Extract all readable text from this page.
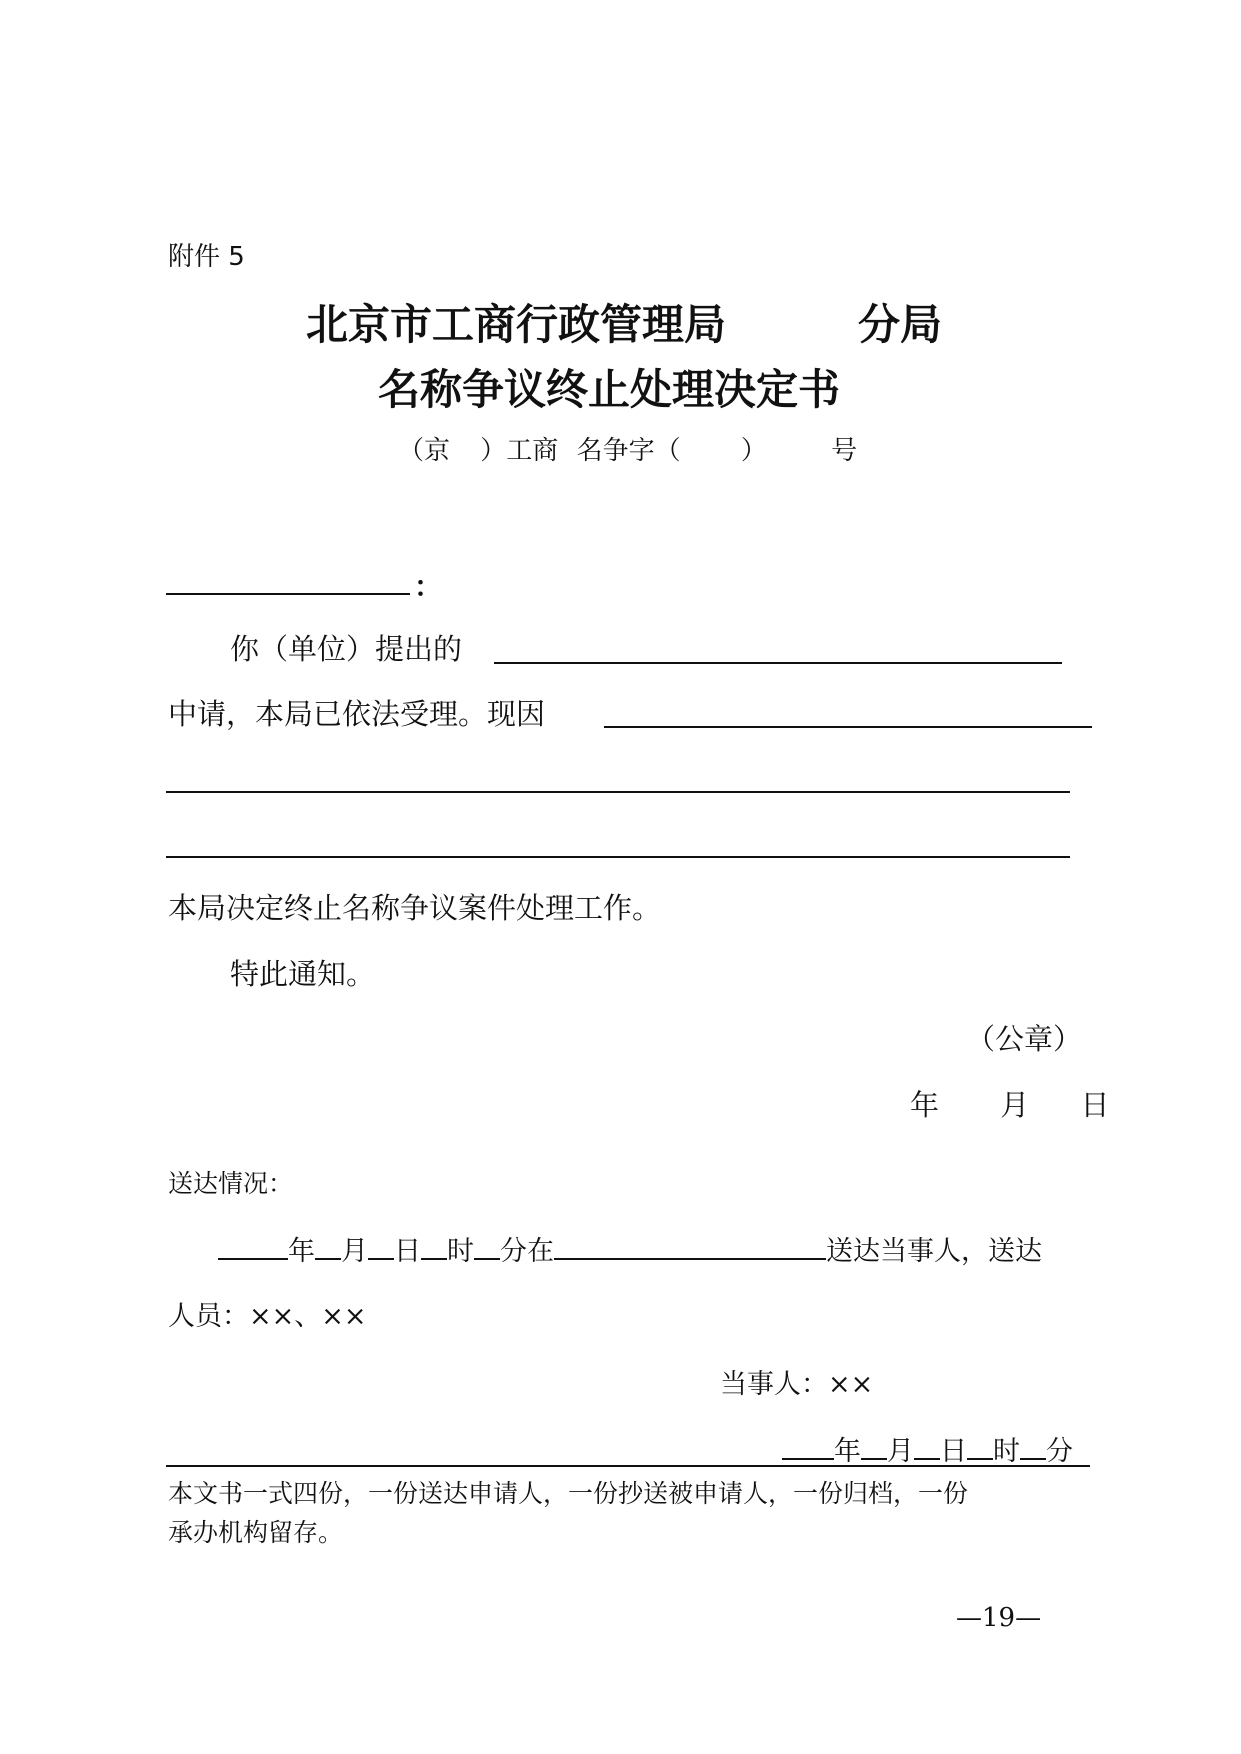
附件 5
北京市工商行政管理局	分局
名称争议终止处理决定书
（京 ）工商 名争字（ ） 号
：
你（单位）提出的
中请，本局已依法受理。现因
本局决定终止名称争议案件处理工作。
特此通知。
（公章）
年 月 日
送达情况：
年 月 日 时 分在	送达当事人，送达
人员：××、××
当事人：××
年 月 日 时 分
本文书一式四份，一份送达申请人，一份抄送被申请人，一份归档，一份
承办机构留存。
—19—
